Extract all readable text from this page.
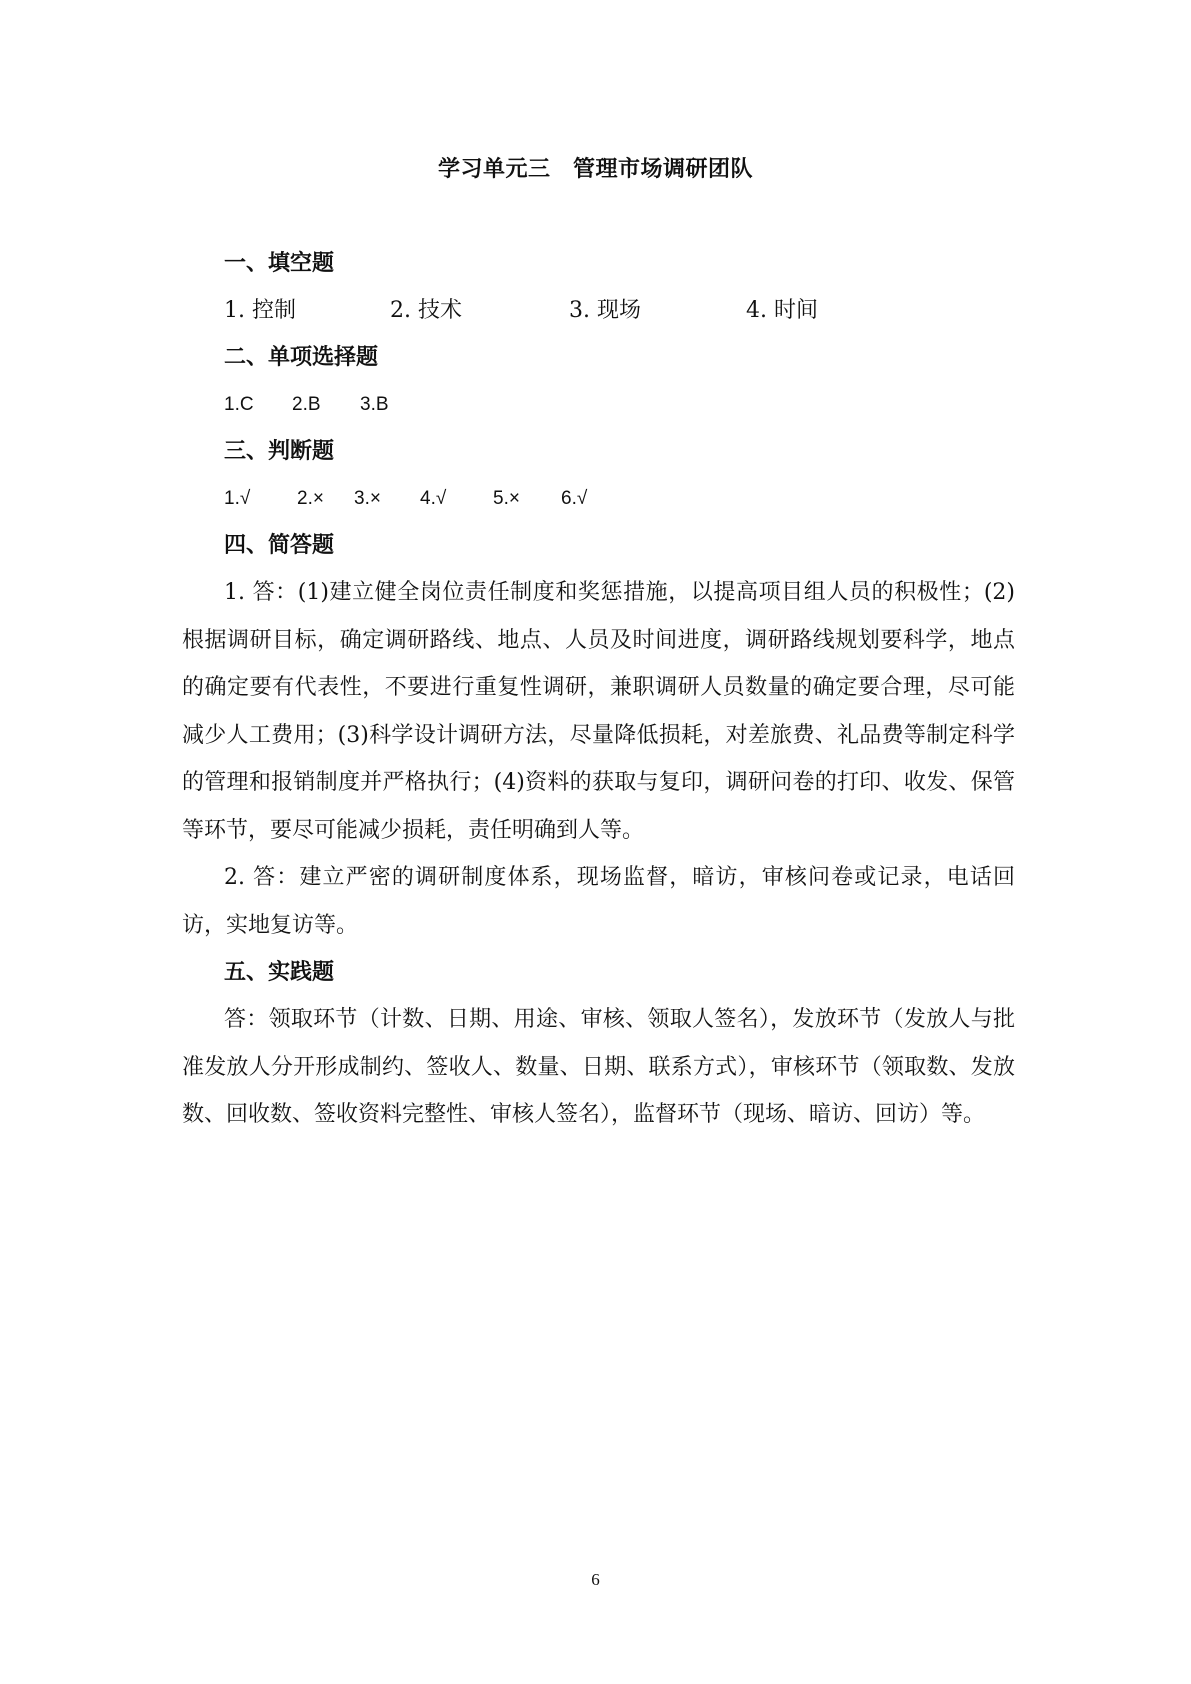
学习单元三　管理市场调研团队
一、填空题
1. 控制	2. 技术	3. 现场	4. 时间
二、单项选择题
1.C 2.B 3.B
三、判断题
1.√ 2.× 3.× 4.√ 5.× 6.√
四、简答题

1. 答：(1)建立健全岗位责任制度和奖惩措施，以提高项目组人员的积极性；(2)根据调研目标，确定调研路线、地点、人员及时间进度，调研路线规划要科学，地点的确定要有代表性，不要进行重复性调研，兼职调研人员数量的确定要合理，尽可能减少人工费用；(3)科学设计调研方法，尽量降低损耗，对差旅费、礼品费等制定科学的管理和报销制度并严格执行；(4)资料的获取与复印，调研问卷的打印、收发、保管等环节，要尽可能减少损耗，责任明确到人等。

2. 答：建立严密的调研制度体系，现场监督，暗访，审核问卷或记录，电话回访，实地复访等。

五、实践题

答：领取环节（计数、日期、用途、审核、领取人签名），发放环节（发放人与批准发放人分开形成制约、签收人、数量、日期、联系方式），审核环节（领取数、发放数、回收数、签收资料完整性、审核人签名），监督环节（现场、暗访、回访）等。

6
